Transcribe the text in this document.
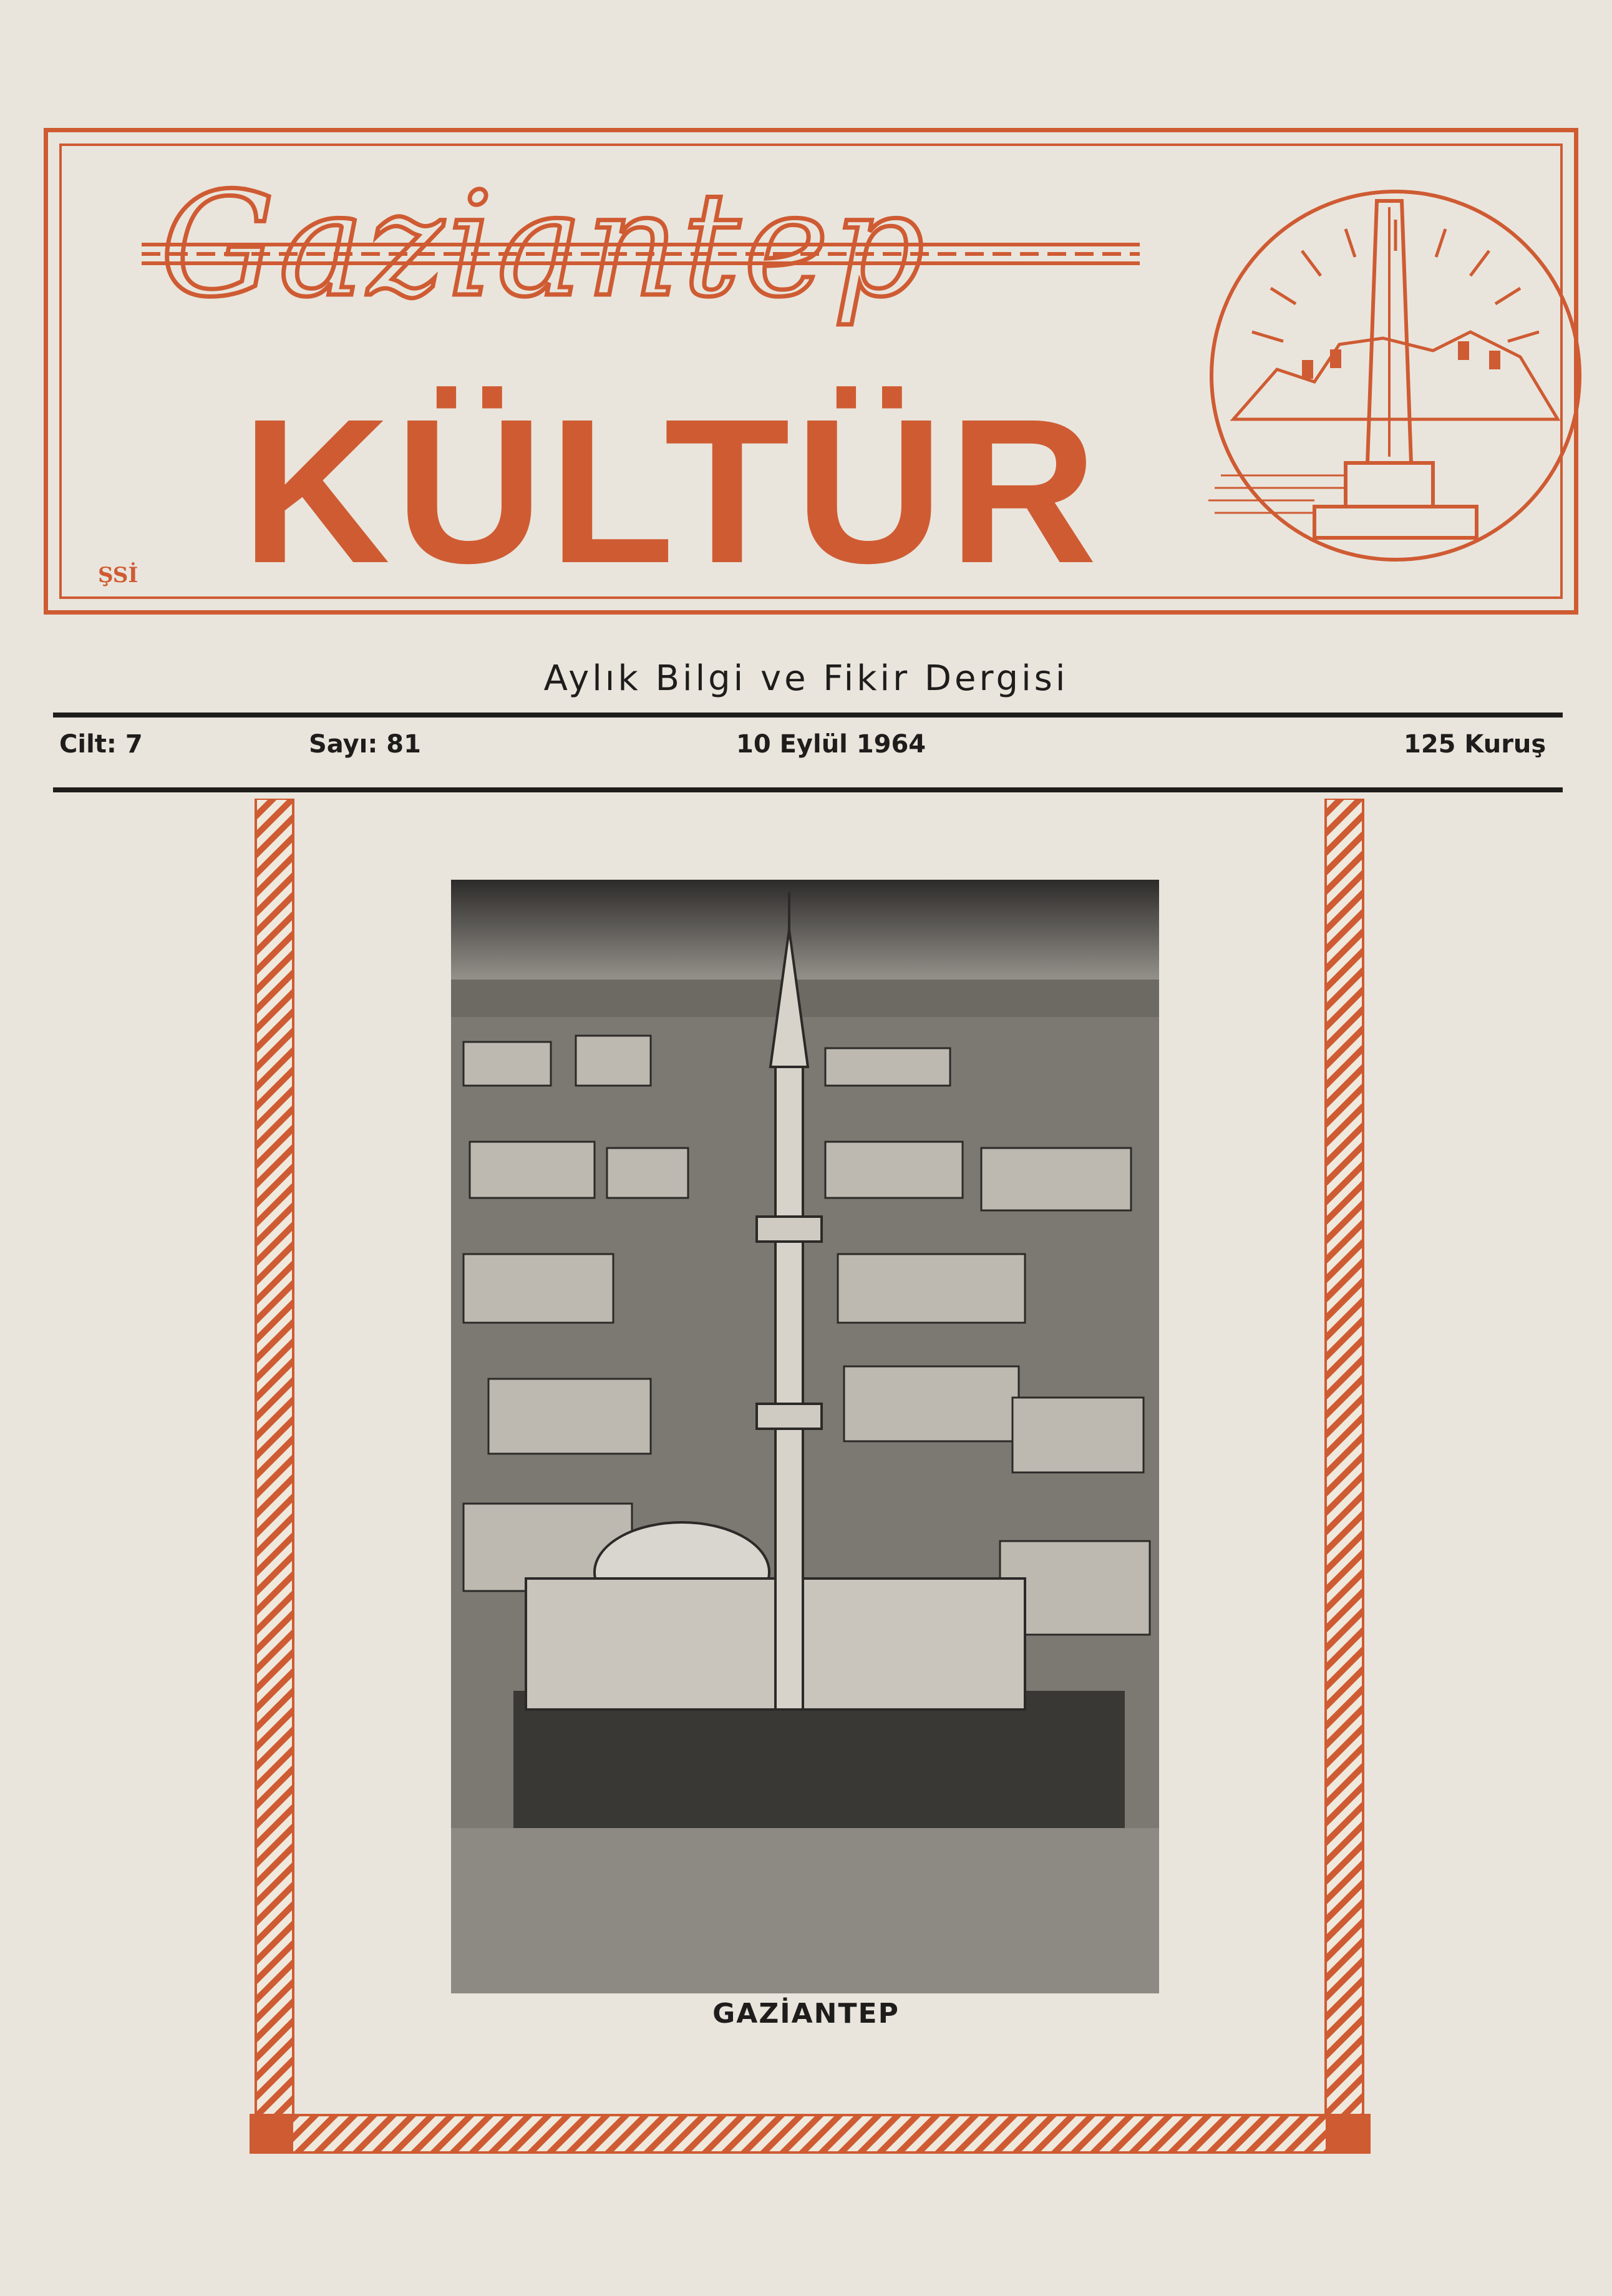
Gaziantep
KÜLTÜR
ŞSİ
Aylık Bilgi ve Fikir Dergisi
Cilt: 7	Sayı: 81	10 Eylül 1964	125 Kuruş
GAZİANTEP
